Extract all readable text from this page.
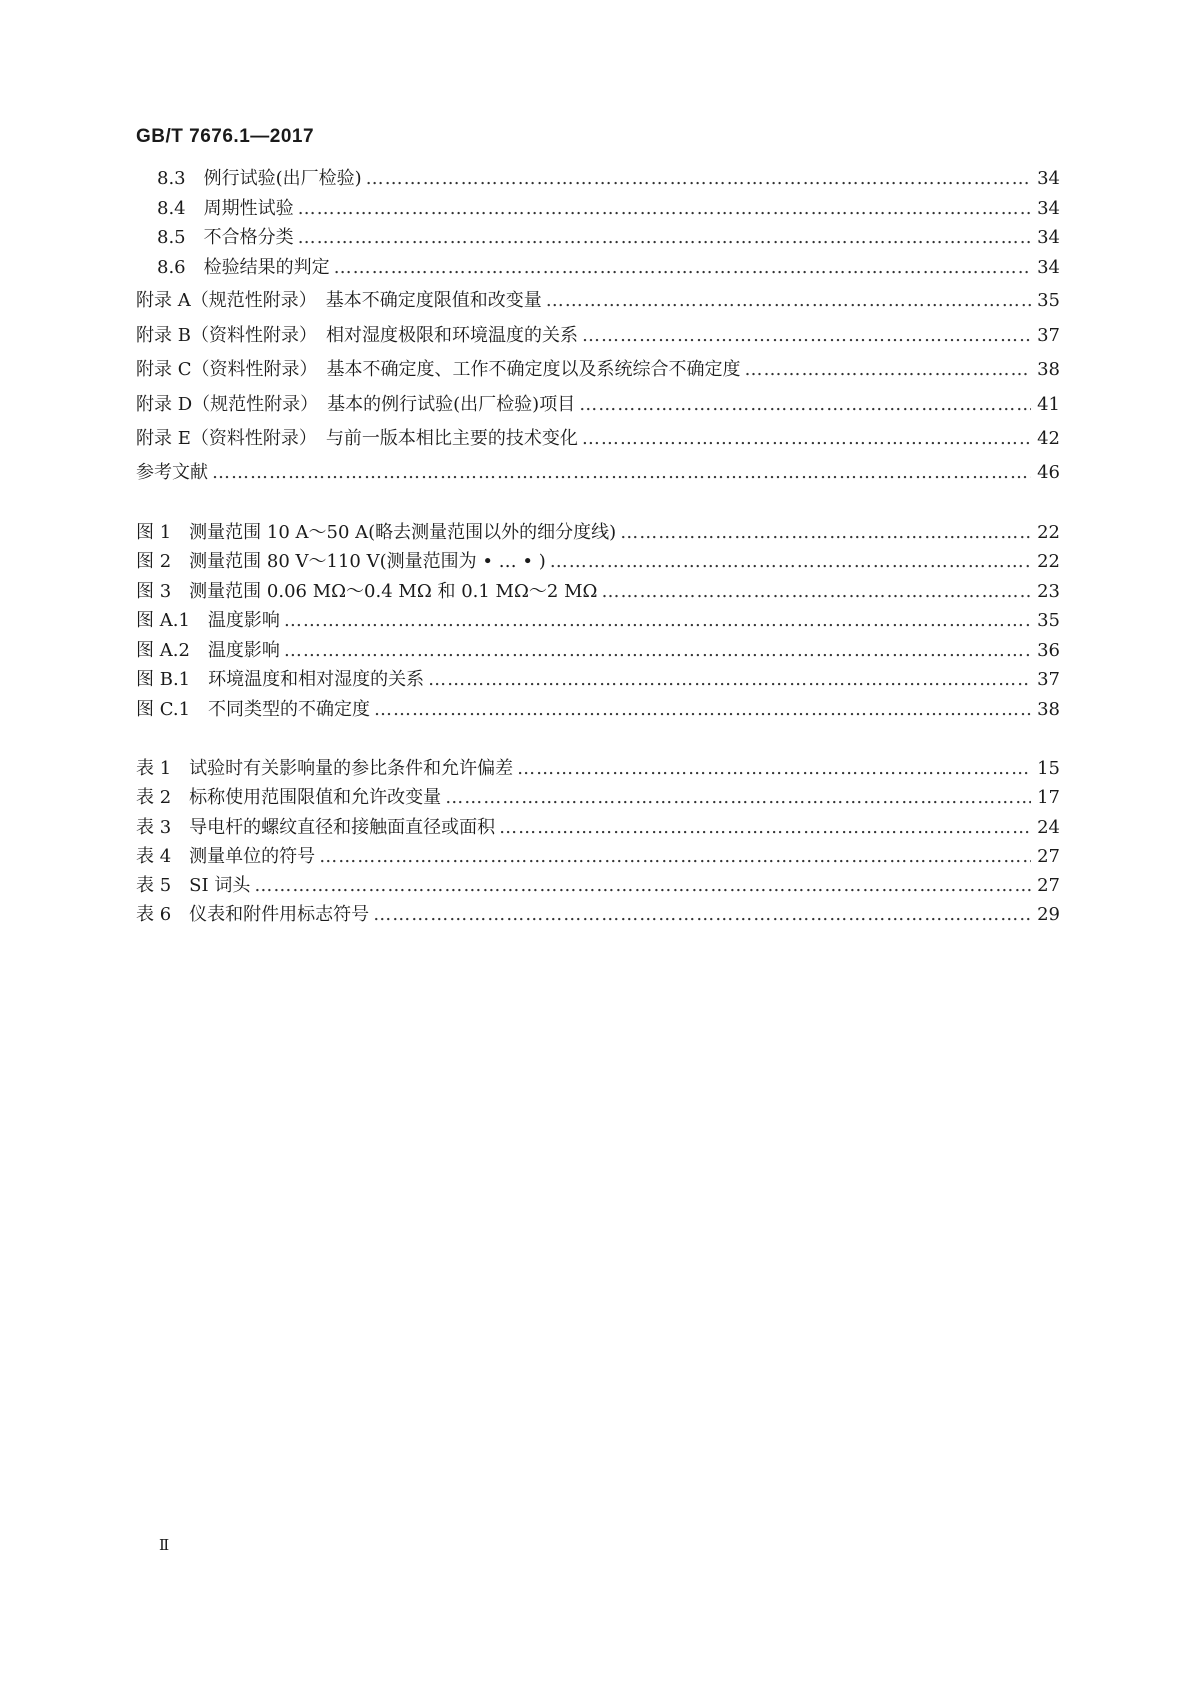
GB/T 7676.1—2017
8.3　例行试验(出厂检验) ………………………………………………………………………………………………………………………………………………………………………………………………………………	34
8.4　周期性试验 ………………………………………………………………………………………………………………………………………………………………………………………………………………	34
8.5　不合格分类 ………………………………………………………………………………………………………………………………………………………………………………………………………………	34
8.6　检验结果的判定 ………………………………………………………………………………………………………………………………………………………………………………………………………………	34
附录 A（规范性附录）　基本不确定度限值和改变量 ………………………………………………………………………………………………………………………………………………………………………………………………………………	35
附录 B（资料性附录）　相对湿度极限和环境温度的关系 ………………………………………………………………………………………………………………………………………………………………………………………………………………	37
附录 C（资料性附录）　基本不确定度、工作不确定度以及系统综合不确定度 ………………………………………………………………………………………………………………………………………………………………………………………………………………	38
附录 D（规范性附录）　基本的例行试验(出厂检验)项目 ………………………………………………………………………………………………………………………………………………………………………………………………………………	41
附录 E（资料性附录）　与前一版本相比主要的技术变化 ………………………………………………………………………………………………………………………………………………………………………………………………………………	42
参考文献 ………………………………………………………………………………………………………………………………………………………………………………………………………………	46
图 1　测量范围 10 A～50 A(略去测量范围以外的细分度线) ………………………………………………………………………………………………………………………………………………………………………………………………………………	22
图 2　测量范围 80 V～110 V(测量范围为 • … • ) ………………………………………………………………………………………………………………………………………………………………………………………………………………	22
图 3　测量范围 0.06 MΩ～0.4 MΩ 和 0.1 MΩ～2 MΩ ………………………………………………………………………………………………………………………………………………………………………………………………………………	23
图 A.1　温度影响 ………………………………………………………………………………………………………………………………………………………………………………………………………………	35
图 A.2　温度影响 ………………………………………………………………………………………………………………………………………………………………………………………………………………	36
图 B.1　环境温度和相对湿度的关系 ………………………………………………………………………………………………………………………………………………………………………………………………………………	37
图 C.1　不同类型的不确定度 ………………………………………………………………………………………………………………………………………………………………………………………………………………	38
表 1　试验时有关影响量的参比条件和允许偏差 ………………………………………………………………………………………………………………………………………………………………………………………………………………	15
表 2　标称使用范围限值和允许改变量 ………………………………………………………………………………………………………………………………………………………………………………………………………………	17
表 3　导电杆的螺纹直径和接触面直径或面积 ………………………………………………………………………………………………………………………………………………………………………………………………………………	24
表 4　测量单位的符号 ………………………………………………………………………………………………………………………………………………………………………………………………………………	27
表 5　SI 词头 ………………………………………………………………………………………………………………………………………………………………………………………………………………	27
表 6　仪表和附件用标志符号 ………………………………………………………………………………………………………………………………………………………………………………………………………………	29
Ⅱ
